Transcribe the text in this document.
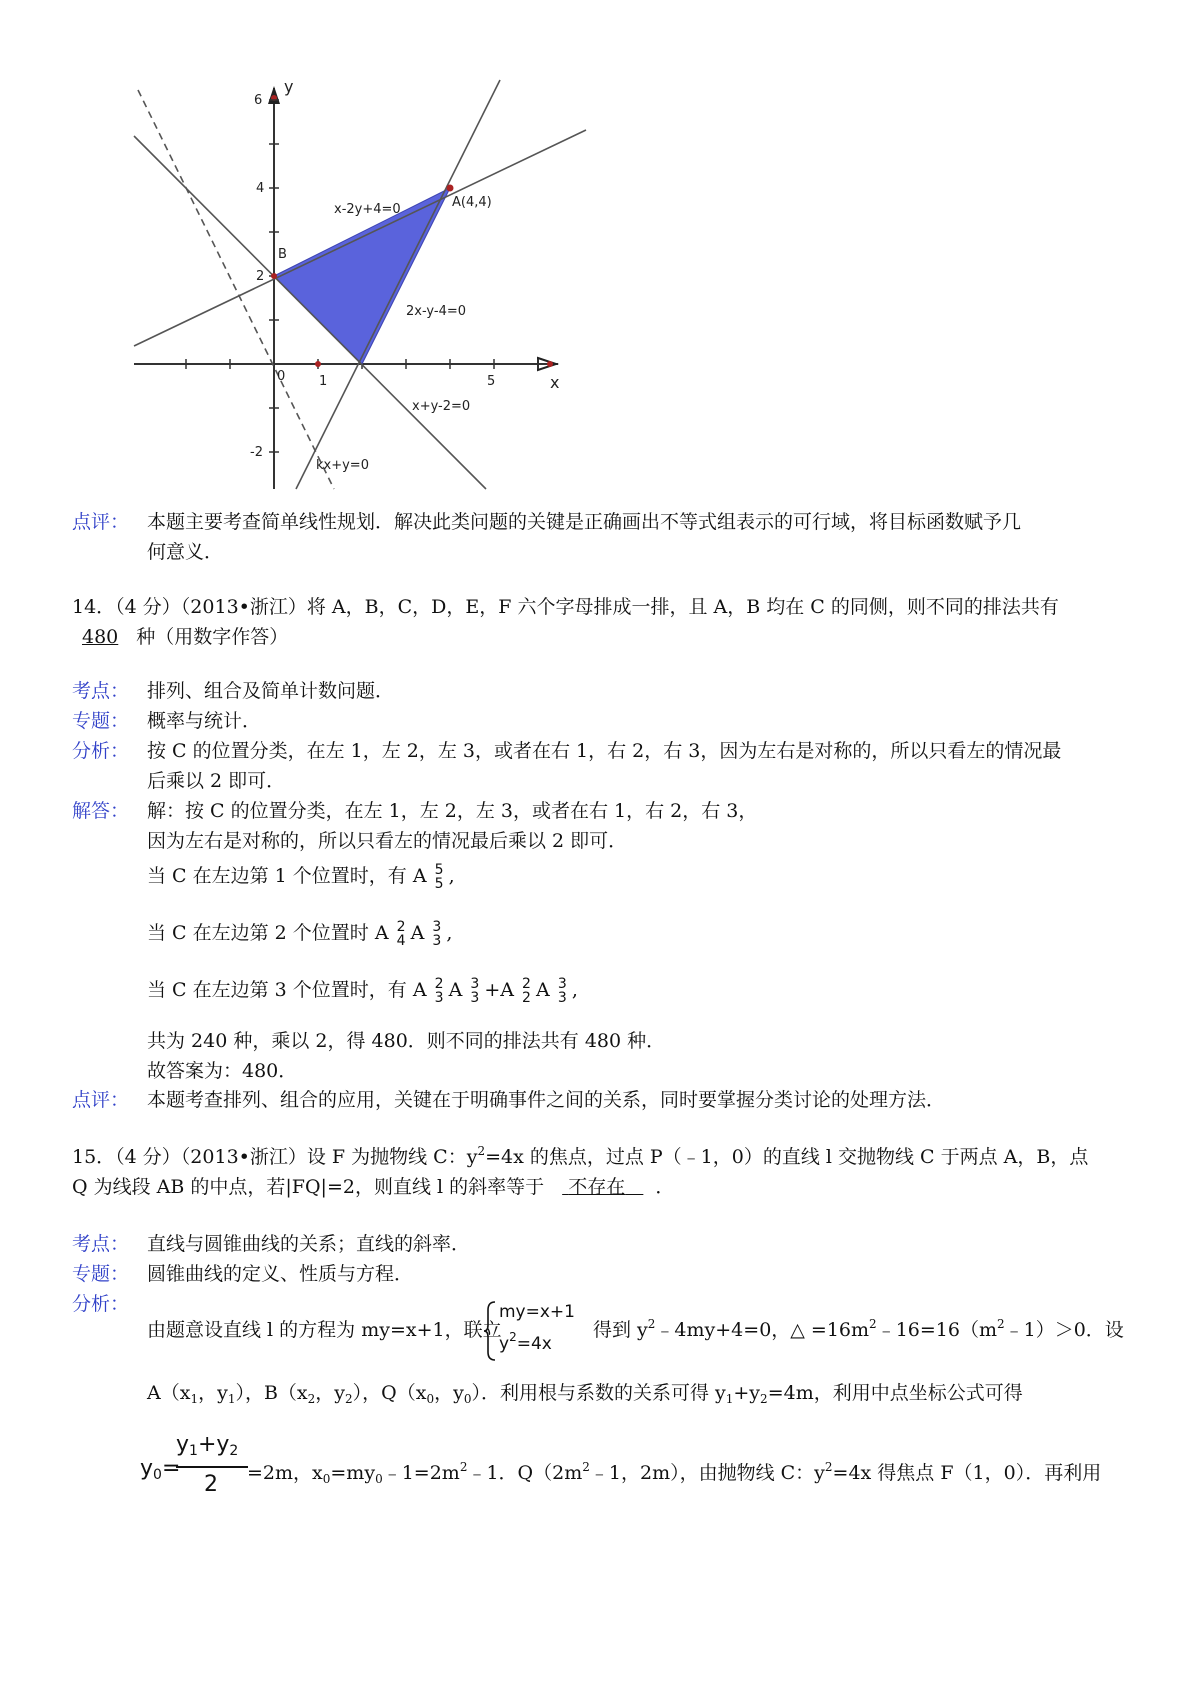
y
x
6
4
2
-2
0	1	5
A(4,4)
B
x-2y+4=0
2x-y-4=0
x+y-2=0
kx+y=0
点评： 本题主要考查简单线性规划．解决此类问题的关键是正确画出不等式组表示的可行域，将目标函数赋予几
何意义．
14．（4 分）（2013•浙江）将 A，B，C，D，E，F 六个字母排成一排，且 A，B 均在 C 的同侧，则不同的排法共有
480 种（用数字作答）
考点： 排列、组合及简单计数问题．
专题： 概率与统计．
分析： 按 C 的位置分类，在左 1，左 2，左 3，或者在右 1，右 2，右 3，因为左右是对称的，所以只看左的情况最
后乘以 2 即可．
解答： 解：按 C 的位置分类，在左 1，左 2，左 3，或者在右 1，右 2，右 3，
因为左右是对称的，所以只看左的情况最后乘以 2 即可．
当 C 在左边第 1 个位置时，有 A 5
5 ,
当 C 在左边第 2 个位置时 A 2
4 A 3
3 ,
当 C 在左边第 3 个位置时，有 A 2
3 A 3
3 +A 2
2 A 3
3 ,
共为 240 种，乘以 2，得 480．则不同的排法共有 480 种．
故答案为：480．
点评： 本题考查排列、组合的应用，关键在于明确事件之间的关系，同时要掌握分类讨论的处理方法．
15．（4 分）（2013•浙江）设 F 为抛物线 C：$y^2=4x$ 的焦点，过点 P（﹣1，0）的直线 l 交抛物线 C 于两点 A，B，点
Q 为线段 AB 的中点，若|FQ|=2，则直线 l 的斜率等于 不存在 ．
考点： 直线与圆锥曲线的关系；直线的斜率．
专题： 圆锥曲线的定义、性质与方程．
分析：
由题意设直线 l 的方程为 my=x+1，联立
my=x+1
$y^2=4x$
得到 $y^2﹣4my+4=0$，△ $=16m^2﹣16=16(m^2﹣1)>0$．设
$A(x_1$，$y_1$），$B(x_2$，$y_2$），$Q(x_0$，$y_0$）．利用根与系数的关系可得 $y_1+y_2=4m$，利用中点坐标公式可得
$y_0=$
$y_1+y_2$
2 =2m，$x_0=my_0﹣1=2m^2﹣1$．$Q(2m^2﹣1$，2m），由抛物线 C：$y^2=4x$ 得焦点 F（1，0）．再利用
